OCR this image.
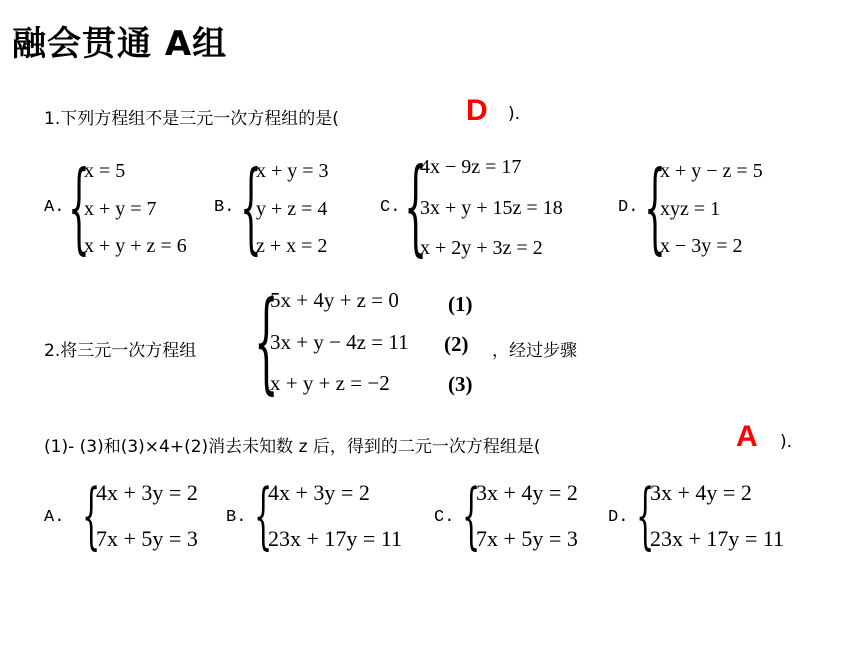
融会贯通 A组
1.下列方程组不是三元一次方程组的是(	D ).
A. {
x = 5
x + y = 7
x + y + z = 6
B. {
x + y = 3
y + z = 4
z + x = 2
C. {
4x − 9z = 17
3x + y + 15z = 18
x + 2y + 3z = 2
D. {
x + y − z = 5
xyz = 1
x − 3y = 2
2.将三元一次方程组 {
5x + 4y + z = 0
3x + y − 4z = 11
x + y + z = −2
(1)
(2)
(3)
，经过步骤
(1)- (3)和(3)×4+(2)消去未知数 z 后，得到的二元一次方程组是(	A ).
A. {
4x + 3y = 2
7x + 5y = 3
B. {
4x + 3y = 2
23x + 17y = 11
C. {
3x + 4y = 2
7x + 5y = 3
D. {
3x + 4y = 2
23x + 17y = 11
